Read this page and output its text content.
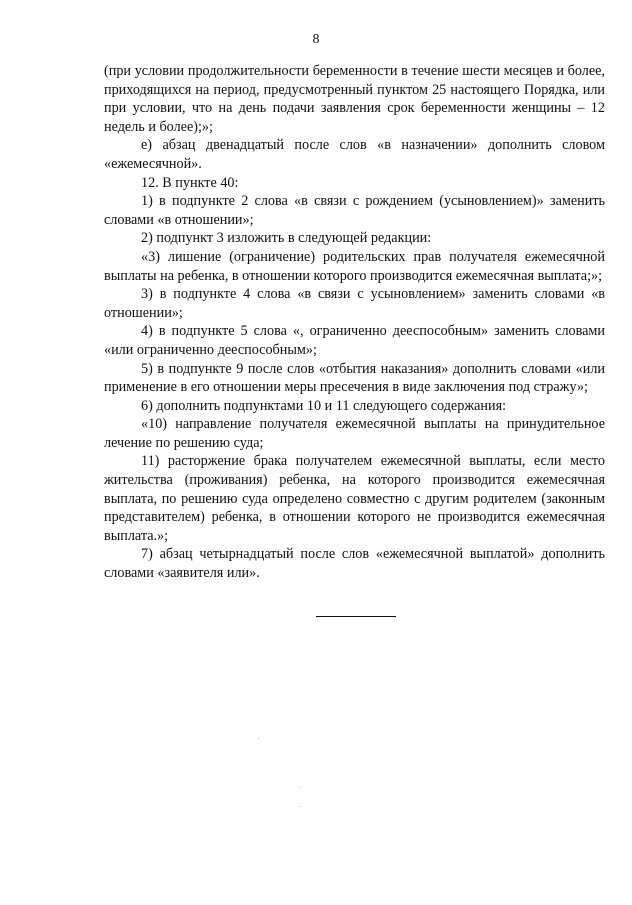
8

(при условии продолжительности беременности в течение шести месяцев и более, приходящихся на период, предусмотренный пунктом 25 настоящего Порядка, или при условии, что на день подачи заявления срок беременности женщины – 12 недель и более);»;

е) абзац двенадцатый после слов «в назначении» дополнить словом «ежемесячной».

12. В пункте 40:

1) в подпункте 2 слова «в связи с рождением (усыновлением)» заменить словами «в отношении»;

2) подпункт 3 изложить в следующей редакции:

«3) лишение (ограничение) родительских прав получателя ежемесячной выплаты на ребенка, в отношении которого производится ежемесячная выплата;»;

3) в подпункте 4 слова «в связи с усыновлением» заменить словами «в отношении»;

4) в подпункте 5 слова «, ограниченно дееспособным» заменить словами «или ограниченно дееспособным»;

5) в подпункте 9 после слов «отбытия наказания» дополнить словами «или применение в его отношении меры пресечения в виде заключения под стражу»;

6) дополнить подпунктами 10 и 11 следующего содержания:

«10) направление получателя ежемесячной выплаты на принудительное лечение по решению суда;

11) расторжение брака получателем ежемесячной выплаты, если место жительства (проживания) ребенка, на которого производится ежемесячная выплата, по решению суда определено совместно с другим родителем (законным представителем) ребенка, в отношении которого не производится ежемесячная выплата.»;

7) абзац четырнадцатый после слов «ежемесячной выплатой» дополнить словами «заявителя или».
